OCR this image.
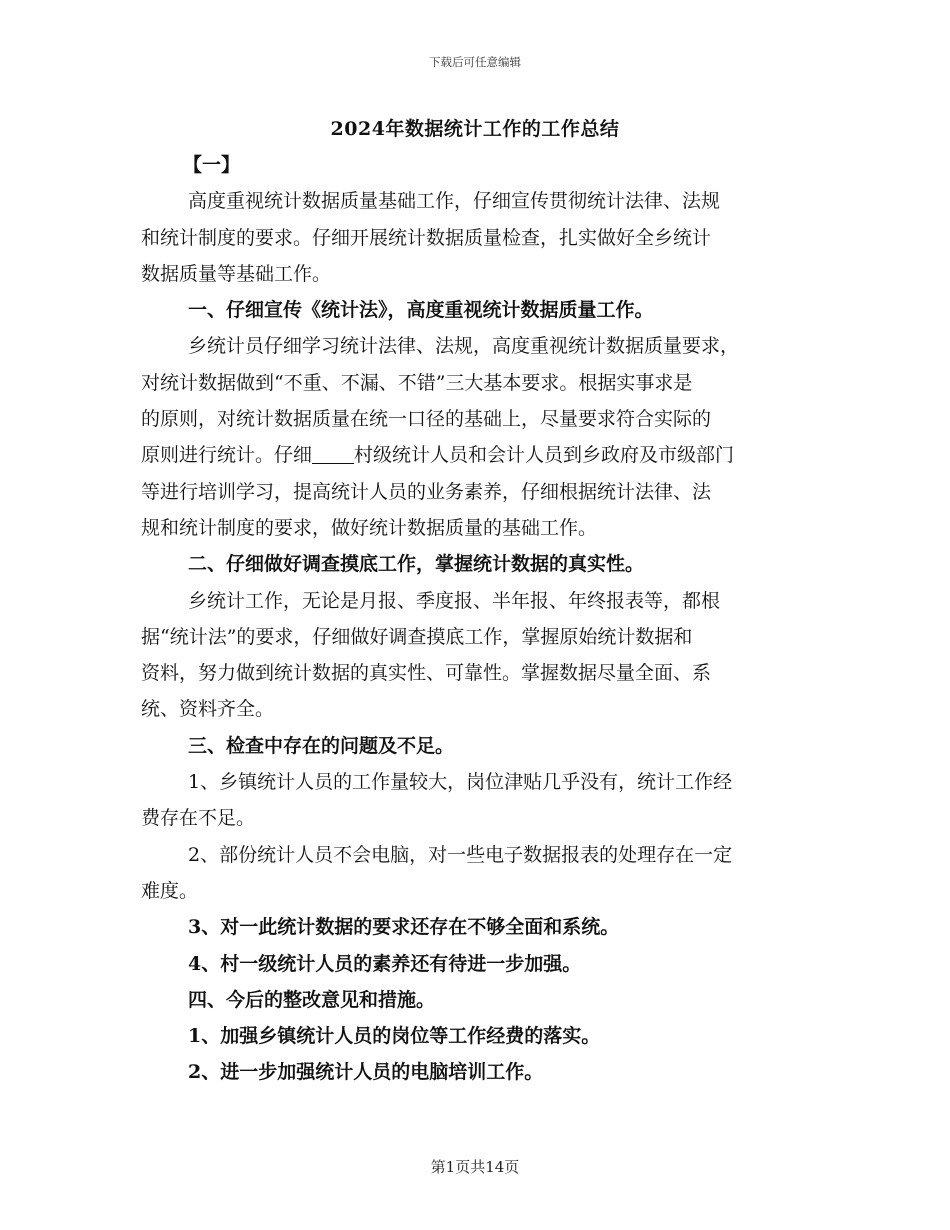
下载后可任意编辑
2024年数据统计工作的工作总结
【一】
高度重视统计数据质量基础工作，仔细宣传贯彻统计法律、法规
和统计制度的要求。仔细开展统计数据质量检查，扎实做好全乡统计
数据质量等基础工作。
一、仔细宣传《统计法》，高度重视统计数据质量工作。
乡统计员仔细学习统计法律、法规，高度重视统计数据质量要求，
对统计数据做到“不重、不漏、不错”三大基本要求。根据实事求是
的原则，对统计数据质量在统一口径的基础上，尽量要求符合实际的
原则进行统计。仔细 村级统计人员和会计人员到乡政府及市级部门
等进行培训学习，提高统计人员的业务素养，仔细根据统计法律、法
规和统计制度的要求，做好统计数据质量的基础工作。
二、仔细做好调查摸底工作，掌握统计数据的真实性。
乡统计工作，无论是月报、季度报、半年报、年终报表等，都根
据“统计法”的要求，仔细做好调查摸底工作，掌握原始统计数据和
资料，努力做到统计数据的真实性、可靠性。掌握数据尽量全面、系
统、资料齐全。
三、检查中存在的问题及不足。
1、乡镇统计人员的工作量较大，岗位津贴几乎没有，统计工作经
费存在不足。
2、部份统计人员不会电脑，对一些电子数据报表的处理存在一定
难度。
3、对一此统计数据的要求还存在不够全面和系统。
4、村一级统计人员的素养还有待进一步加强。
四、今后的整改意见和措施。
1、加强乡镇统计人员的岗位等工作经费的落实。
2、进一步加强统计人员的电脑培训工作。
第1页共14页
